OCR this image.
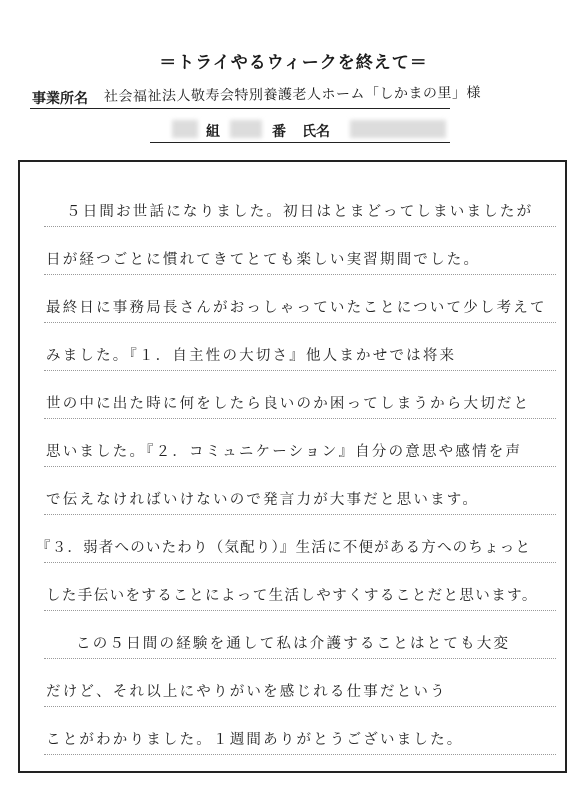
＝トライやるウィークを終えて＝
事業所名 社会福祉法人敬寿会特別養護老人ホーム「しかまの里」様
組	番 氏名
５日間お世話になりました。初日はとまどってしまいましたが
日が経つごとに慣れてきてとても楽しい実習期間でした。
最終日に事務局長さんがおっしゃっていたことについて少し考えて
みました。『１．自主性の大切さ』他人まかせでは将来
世の中に出た時に何をしたら良いのか困ってしまうから大切だと
思いました。『２．コミュニケーション』自分の意思や感情を声
で伝えなければいけないので発言力が大事だと思います。
『３．弱者へのいたわり（気配り）』生活に不便がある方へのちょっと
した手伝いをすることによって生活しやすくすることだと思います。
この５日間の経験を通して私は介護することはとても大変
だけど、それ以上にやりがいを感じれる仕事だという
ことがわかりました。１週間ありがとうございました。
